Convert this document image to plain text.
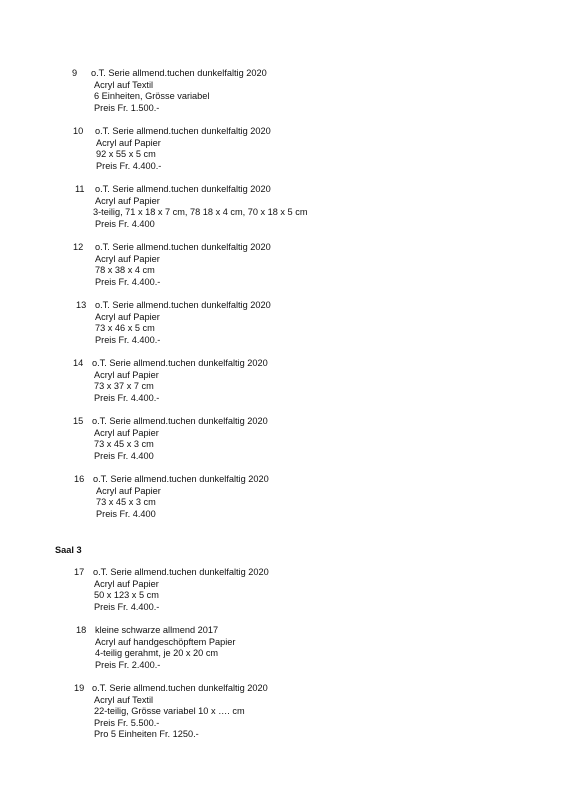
9 o.T. Serie allmend.tuchen dunkelfaltig 2020
Acryl auf Textil
6 Einheiten, Grösse variabel
Preis Fr. 1.500.-
10 o.T. Serie allmend.tuchen dunkelfaltig 2020
Acryl auf Papier
92 x 55 x 5 cm
Preis Fr. 4.400.-
11 o.T. Serie allmend.tuchen dunkelfaltig 2020
Acryl auf Papier
3-teilig, 71 x 18 x 7 cm, 78 18 x 4 cm, 70 x 18 x 5 cm
Preis Fr. 4.400
12 o.T. Serie allmend.tuchen dunkelfaltig 2020
Acryl auf Papier
78 x 38 x 4 cm
Preis Fr. 4.400.-
13 o.T. Serie allmend.tuchen dunkelfaltig 2020
Acryl auf Papier
73 x 46 x 5 cm
Preis Fr. 4.400.-
14 o.T. Serie allmend.tuchen dunkelfaltig 2020
Acryl auf Papier
73 x 37 x 7 cm
Preis Fr. 4.400.-
15 o.T. Serie allmend.tuchen dunkelfaltig 2020
Acryl auf Papier
73 x 45 x 3 cm
Preis Fr. 4.400
16 o.T. Serie allmend.tuchen dunkelfaltig 2020
Acryl auf Papier
73 x 45 x 3 cm
Preis Fr. 4.400
Saal 3
17 o.T. Serie allmend.tuchen dunkelfaltig 2020
Acryl auf Papier
50 x 123 x 5 cm
Preis Fr. 4.400.-
18 kleine schwarze allmend 2017
Acryl auf handgeschöpftem Papier
4-teilig gerahmt, je 20 x 20 cm
Preis Fr. 2.400.-
19 o.T. Serie allmend.tuchen dunkelfaltig 2020
Acryl auf Textil
22-teilig, Grösse variabel 10 x …. cm
Preis Fr. 5.500.-
Pro 5 Einheiten Fr. 1250.-
